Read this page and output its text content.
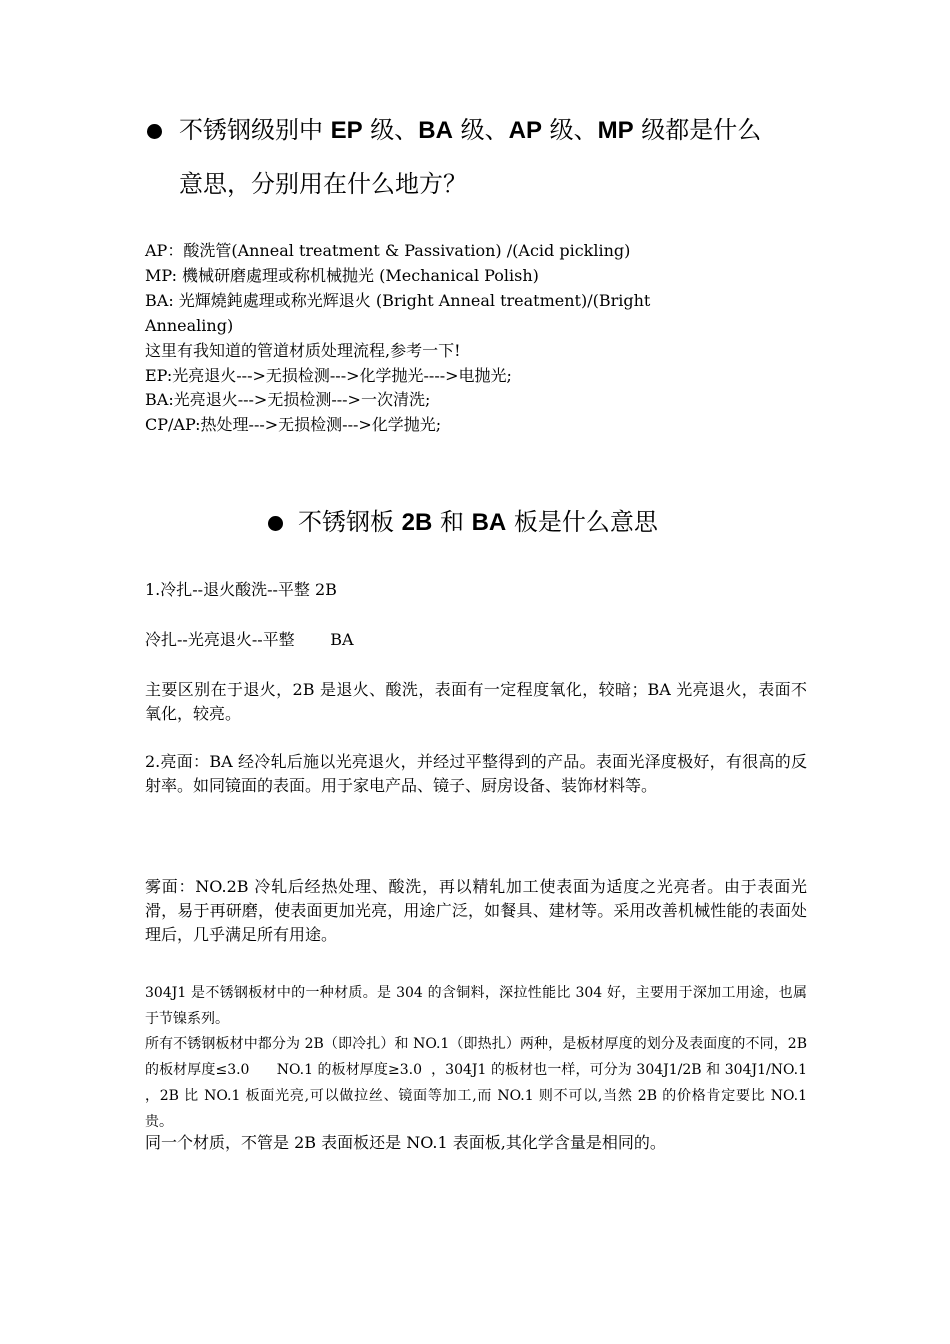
不锈钢级别中 EP 级、BA 级、AP 级、MP 级都是什么
意思，分别用在什么地方？
AP：酸洗管(Anneal treatment & Passivation) /(Acid pickling)
MP: 機械研磨處理或称机械抛光 (Mechanical Polish)
BA: 光輝燒鈍處理或称光辉退火 (Bright Anneal treatment)/(Bright
Annealing)
这里有我知道的管道材质处理流程,参考一下!
EP:光亮退火--->无损检测--->化学抛光---->电抛光;
BA:光亮退火--->无损检测--->一次清洗;
CP/AP:热处理--->无损检测--->化学抛光;
不锈钢板 2B 和 BA 板是什么意思
1.冷扎--退火酸洗--平整 2B
冷扎--光亮退火--平整       BA
主要区别在于退火，2B 是退火、酸洗，表面有一定程度氧化，较暗；BA 光亮退火，表面不氧化，较亮。
2.亮面：BA 经冷轧后施以光亮退火，并经过平整得到的产品。表面光泽度极好，有很高的反射率。如同镜面的表面。用于家电产品、镜子、厨房设备、装饰材料等。
雾面：NO.2B 冷轧后经热处理、酸洗，再以精轧加工使表面为适度之光亮者。由于表面光滑，易于再研磨，使表面更加光亮，用途广泛，如餐具、建材等。采用改善机械性能的表面处理后，几乎满足所有用途。
304J1 是不锈钢板材中的一种材质。是 304 的含铜料，深拉性能比 304 好，主要用于深加工用途，也属于节镍系列。
所有不锈钢板材中都分为 2B（即冷扎）和 NO.1（即热扎）两种，是板材厚度的划分及表面度的不同，2B 的板材厚度≤3.0      NO.1 的板材厚度≥3.0  ，304J1 的板材也一样，可分为 304J1/2B 和 304J1/NO.1 ，2B 比 NO.1 板面光亮,可以做拉丝、镜面等加工,而 NO.1 则不可以,当然 2B 的价格肯定要比 NO.1 贵。
同一个材质，不管是 2B 表面板还是 NO.1 表面板,其化学含量是相同的。
